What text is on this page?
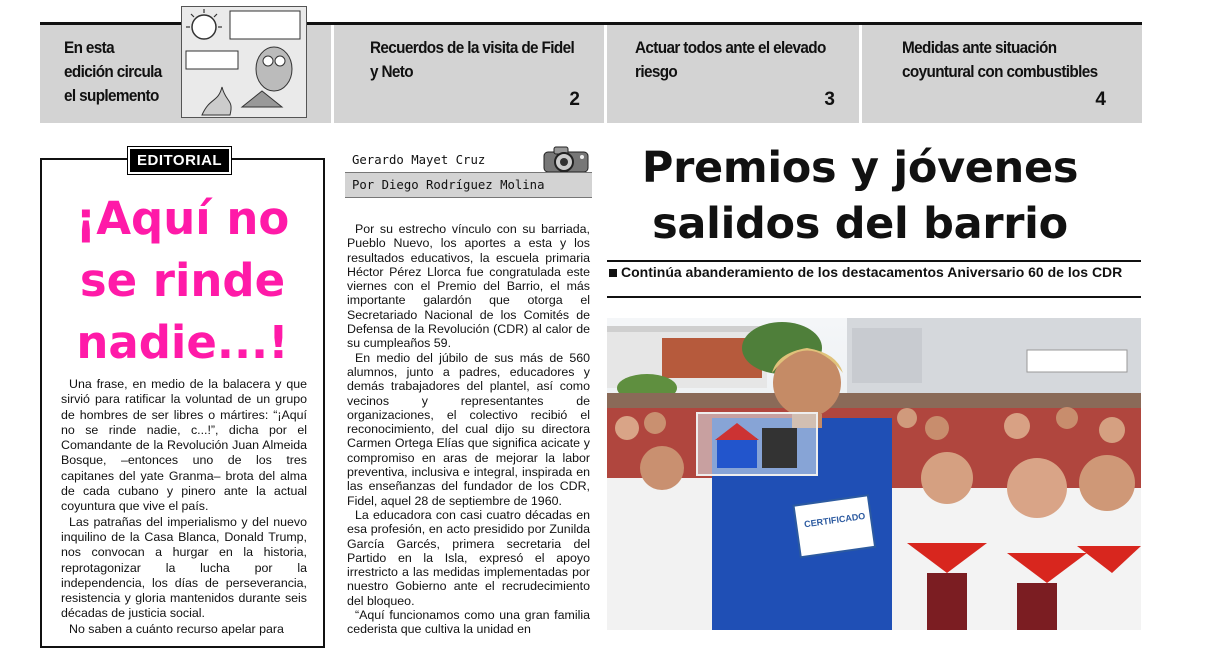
En esta
edición circula
el suplemento
Recuerdos de la visita de Fidel
y Neto
2
Actuar todos ante el elevado
riesgo
3
Medidas ante situación
coyuntural con combustibles
4
EDITORIAL
¡Aquí no se rinde nadie...!

Una frase, en medio de la balacera y que sirvió para ratificar la voluntad de un grupo de hombres de ser libres o mártires: “¡Aquí no se rinde nadie, c...!”, dicha por el Comandante de la Revolución Juan Almeida Bosque, –entonces uno de los tres capitanes del yate Granma– brota del alma de cada cubano y pinero ante la actual coyuntura que vive el país.

Las patrañas del imperialismo y del nuevo inquilino de la Casa Blanca, Donald Trump, nos convocan a hurgar en la historia, reprotagonizar la lucha por la independencia, los días de perseverancia, resistencia y gloria mantenidos durante seis décadas de justicia social.

No saben a cuánto recurso apelar para

Gerardo Mayet Cruz
Por Diego Rodríguez Molina

Por su estrecho vínculo con su barriada, Pueblo Nuevo, los aportes a esta y los resultados educativos, la escuela primaria Héctor Pérez Llorca fue congratulada este viernes con el Premio del Barrio, el más importante galardón que otorga el Secretariado Nacional de los Comités de Defensa de la Revolución (CDR) al calor de su cumpleaños 59.

En medio del júbilo de sus más de 560 alumnos, junto a padres, educadores y demás trabajadores del plantel, así como vecinos y representantes de organizaciones, el colectivo recibió el reconocimiento, del cual dijo su directora Carmen Ortega Elías que significa acicate y compromiso en aras de mejorar la labor preventiva, inclusiva e integral, inspirada en las enseñanzas del fundador de los CDR, Fidel, aquel 28 de septiembre de 1960.

La educadora con casi cuatro décadas en esa profesión, en acto presidido por Zunilda García Garcés, primera secretaria del Partido en la Isla, expresó el apoyo irrestricto a las medidas implementadas por nuestro Gobierno ante el recrudecimiento del bloqueo.

“Aquí funcionamos como una gran familia cederista que cultiva la unidad en

Premios y jóvenes salidos del barrio
Continúa abanderamiento de los destacamentos Aniversario 60 de los CDR
CERTIFICADO
